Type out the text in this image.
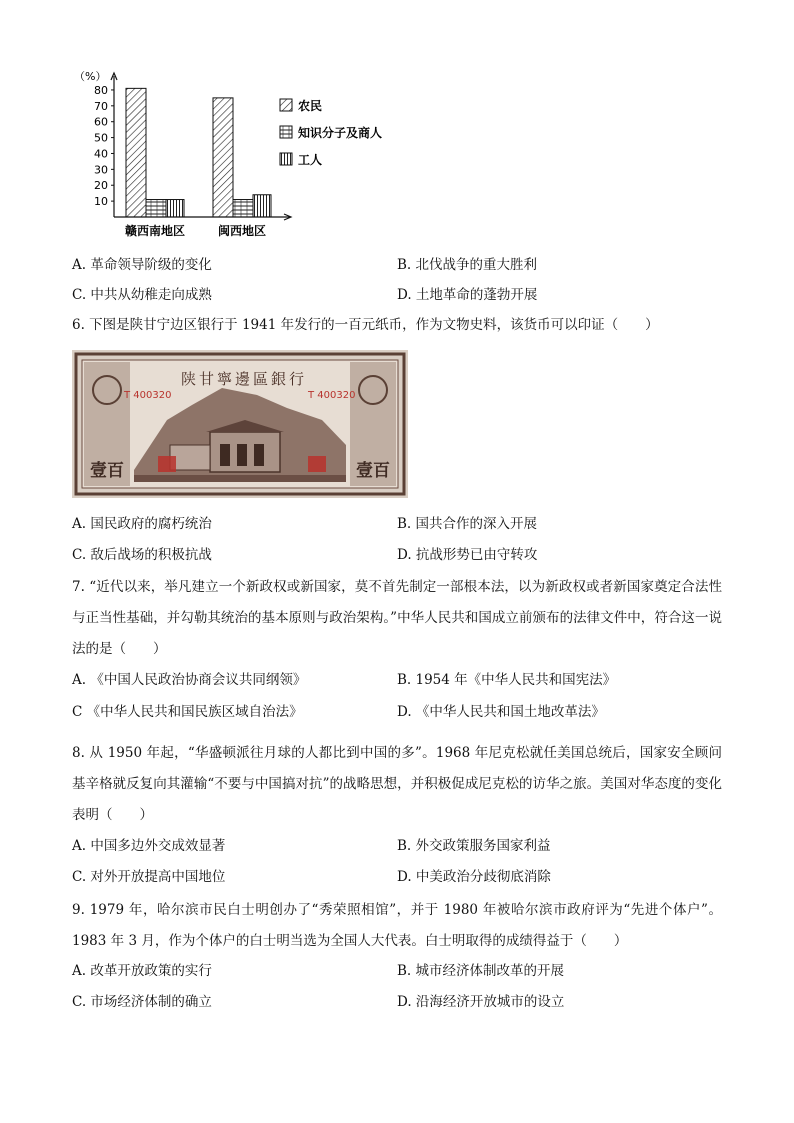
（%）
10
20
30
40
50
60
70
80
赣西南地区	闽西地区
农民
知识分子及商人
工人
A. 革命领导阶级的变化	B. 北伐战争的重大胜利
C. 中共从幼稚走向成熟	D. 土地革命的蓬勃开展
6. 下图是陕甘宁边区银行于 1941 年发行的一百元纸币，作为文物史料，该货币可以印证（　　）
陕甘寧邊區銀行
T 400320	T 400320
壹百	壹百
A. 国民政府的腐朽统治	B. 国共合作的深入开展
C. 敌后战场的积极抗战	D. 抗战形势已由守转攻
7. “近代以来，举凡建立一个新政权或新国家，莫不首先制定一部根本法，以为新政权或者新国家奠定合法性与正当性基础，并勾勒其统治的基本原则与政治架构。”中华人民共和国成立前颁布的法律文件中，符合这一说法的是（　　）
A. 《中国人民政治协商会议共同纲领》	B. 1954 年《中华人民共和国宪法》
C 《中华人民共和国民族区域自治法》	D. 《中华人民共和国土地改革法》
8. 从 1950 年起，“华盛顿派往月球的人都比到中国的多”。1968 年尼克松就任美国总统后，国家安全顾问基辛格就反复向其灌输“不要与中国搞对抗”的战略思想，并积极促成尼克松的访华之旅。美国对华态度的变化表明（　　）
A. 中国多边外交成效显著	B. 外交政策服务国家利益
C. 对外开放提高中国地位	D. 中美政治分歧彻底消除
9. 1979 年，哈尔滨市民白士明创办了“秀荣照相馆”，并于 1980 年被哈尔滨市政府评为“先进个体户”。1983 年 3 月，作为个体户的白士明当选为全国人大代表。白士明取得的成绩得益于（　　）
A. 改革开放政策的实行	B. 城市经济体制改革的开展
C. 市场经济体制的确立	D. 沿海经济开放城市的设立
